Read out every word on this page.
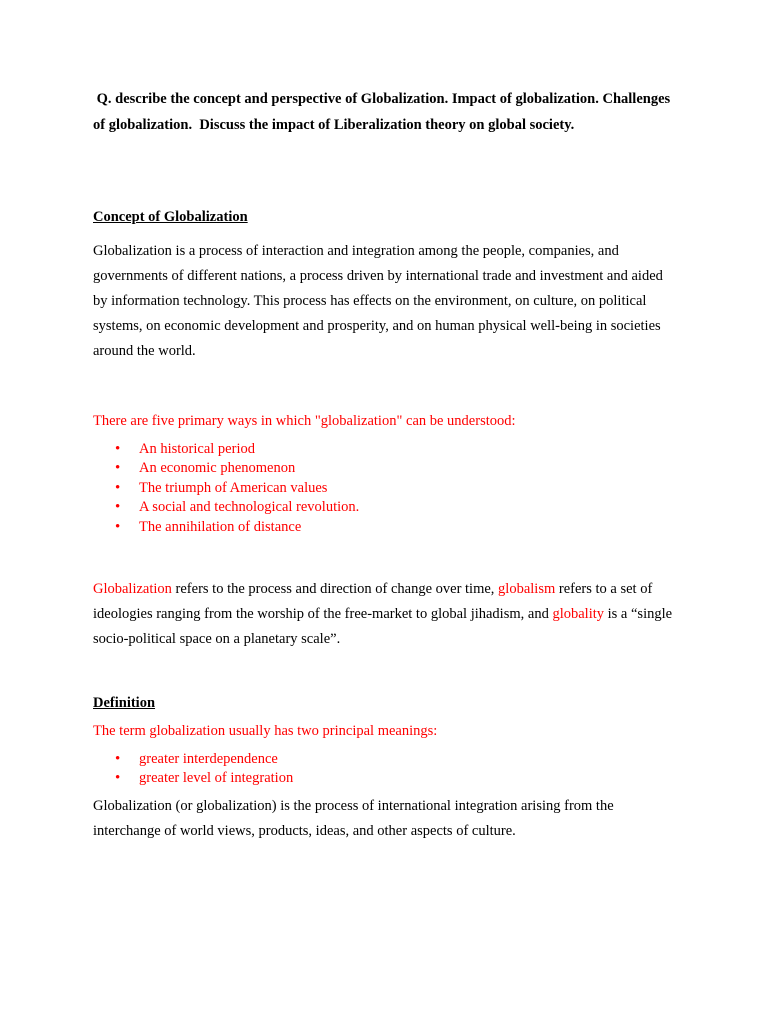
Q. describe the concept and perspective of Globalization. Impact of globalization. Challenges of globalization.  Discuss the impact of Liberalization theory on global society.
Concept of Globalization

Globalization is a process of interaction and integration among the people, companies, and governments of different nations, a process driven by international trade and investment and aided by information technology. This process has effects on the environment, on culture, on political systems, on economic development and prosperity, and on human physical well-being in societies around the world.

There are five primary ways in which "globalization" can be understood:

• An historical period
• An economic phenomenon
• The triumph of American values
• A social and technological revolution.
• The annihilation of distance

Globalization refers to the process and direction of change over time, globalism refers to a set of ideologies ranging from the worship of the free-market to global jihadism, and globality is a “single socio-political space on a planetary scale”.

Definition

The term globalization usually has two principal meanings:

• greater interdependence
• greater level of integration

Globalization (or globalization) is the process of international integration arising from the interchange of world views, products, ideas, and other aspects of culture.
